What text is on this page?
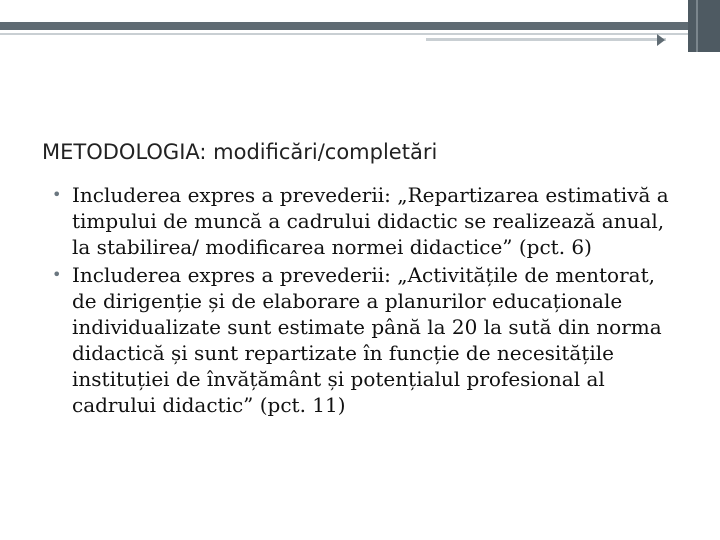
METODOLOGIA: modificări/completări

• Includerea expres a prevederii: „Repartizarea estimativă a timpului de muncă a cadrului didactic se realizează anual, la stabilirea/ modificarea normei didactice” (pct. 6)

• Includerea expres a prevederii: „Activitățile de mentorat, de dirigenție și de elaborare a planurilor educaționale individualizate sunt estimate până la 20 la sută din norma didactică și sunt repartizate în funcție de necesitățile instituției de învățământ și potențialul profesional al cadrului didactic” (pct. 11)
